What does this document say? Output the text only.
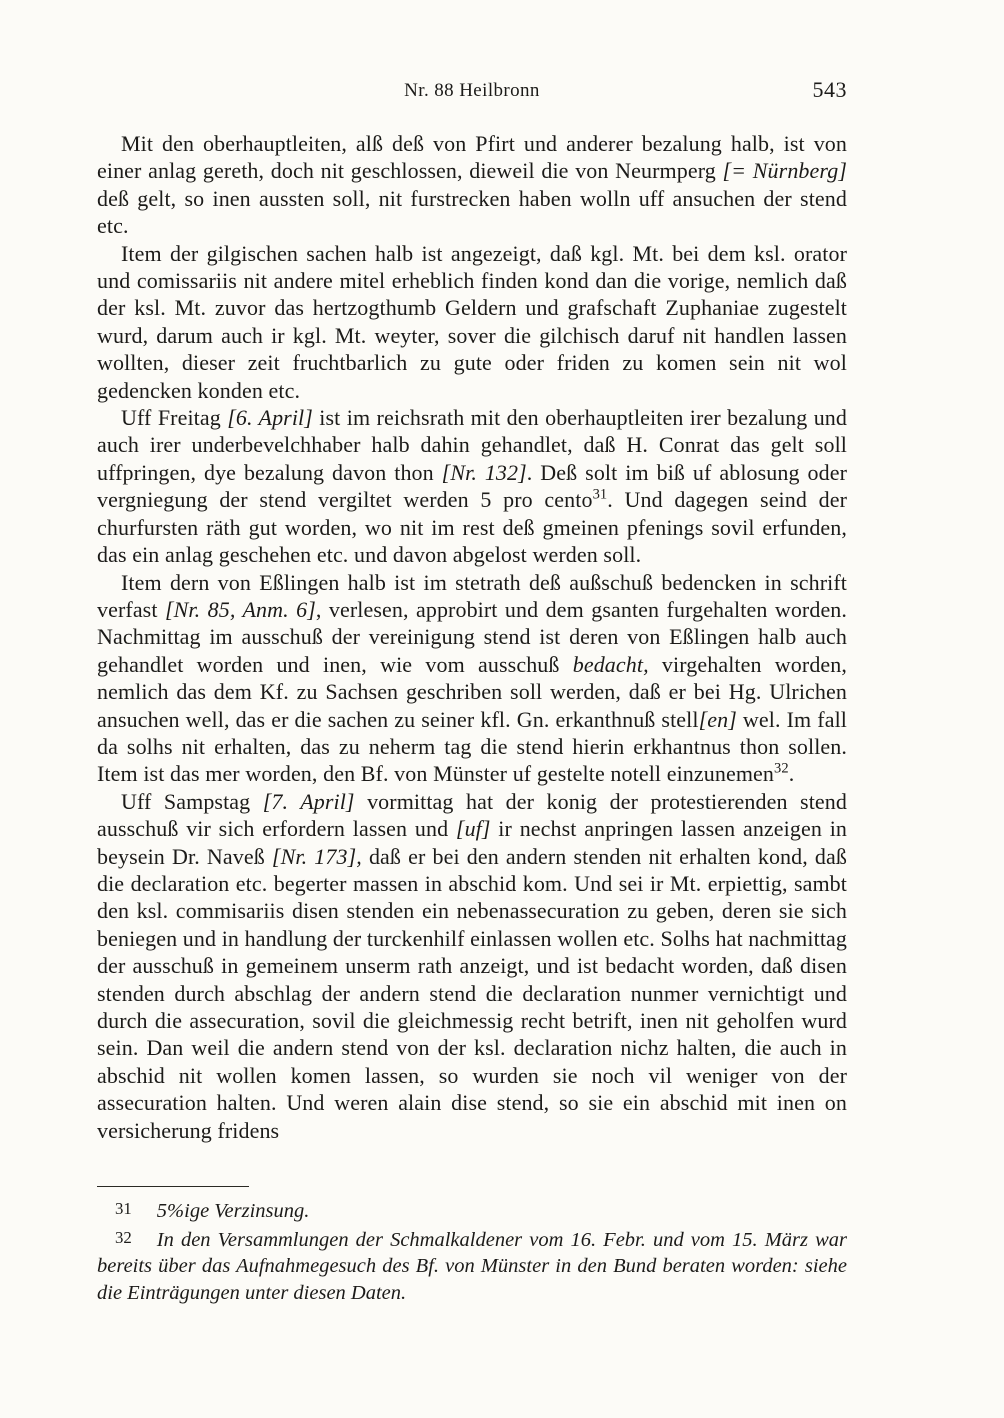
Nr. 88 Heilbronn	543

Mit den oberhauptleiten, alß deß von Pfirt und anderer bezalung halb, ist von einer anlag gereth, doch nit geschlossen, dieweil die von Neurmperg [= Nürnberg] deß gelt, so inen aussten soll, nit furstrecken haben wolln uff ansuchen der stend etc.

Item der gilgischen sachen halb ist angezeigt, daß kgl. Mt. bei dem ksl. orator und comissariis nit andere mitel erheblich finden kond dan die vorige, nemlich daß der ksl. Mt. zuvor das hertzogthumb Geldern und grafschaft Zuphaniae zugestelt wurd, darum auch ir kgl. Mt. weyter, sover die gilchisch daruf nit handlen lassen wollten, dieser zeit fruchtbarlich zu gute oder friden zu komen sein nit wol gedencken konden etc.

Uff Freitag [6. April] ist im reichsrath mit den oberhauptleiten irer bezalung und auch irer underbevelchhaber halb dahin gehandlet, daß H. Conrat das gelt soll uffpringen, dye bezalung davon thon [Nr. 132]. Deß solt im biß uf ablosung oder vergniegung der stend vergiltet werden 5 pro cento$^{31}$. Und dagegen seind der churfursten räth gut worden, wo nit im rest deß gmeinen pfenings sovil erfunden, das ein anlag geschehen etc. und davon abgelost werden soll.

Item dern von Eßlingen halb ist im stetrath deß außschuß bedencken in schrift verfast [Nr. 85, Anm. 6], verlesen, approbirt und dem gsanten furgehalten worden. Nachmittag im ausschuß der vereinigung stend ist deren von Eßlingen halb auch gehandlet worden und inen, wie vom ausschuß bedacht, virgehalten worden, nemlich das dem Kf. zu Sachsen geschriben soll werden, daß er bei Hg. Ulrichen ansuchen well, das er die sachen zu seiner kfl. Gn. erkanthnuß stell[en] wel. Im fall da solhs nit erhalten, das zu neherm tag die stend hierin erkhantnus thon sollen. Item ist das mer worden, den Bf. von Münster uf gestelte notell einzunemen$^{32}$.

Uff Sampstag [7. April] vormittag hat der konig der protestierenden stend ausschuß vir sich erfordern lassen und [uf] ir nechst anpringen lassen anzeigen in beysein Dr. Naveß [Nr. 173], daß er bei den andern stenden nit erhalten kond, daß die declaration etc. begerter massen in abschid kom. Und sei ir Mt. erpiettig, sambt den ksl. commisariis disen stenden ein nebenassecuration zu geben, deren sie sich beniegen und in handlung der turckenhilf einlassen wollen etc. Solhs hat nachmittag der ausschuß in gemeinem unserm rath anzeigt, und ist bedacht worden, daß disen stenden durch abschlag der andern stend die declaration nunmer vernichtigt und durch die assecuration, sovil die gleichmessig recht betrift, inen nit geholfen wurd sein. Dan weil die andern stend von der ksl. declaration nichz halten, die auch in abschid nit wollen komen lassen, so wurden sie noch vil weniger von der assecuration halten. Und weren alain dise stend, so sie ein abschid mit inen on versicherung fridens

31 5%ige Verzinsung.

32 In den Versammlungen der Schmalkaldener vom 16. Febr. und vom 15. März war bereits über das Aufnahmegesuch des Bf. von Münster in den Bund beraten worden: siehe die Einträgungen unter diesen Daten.
